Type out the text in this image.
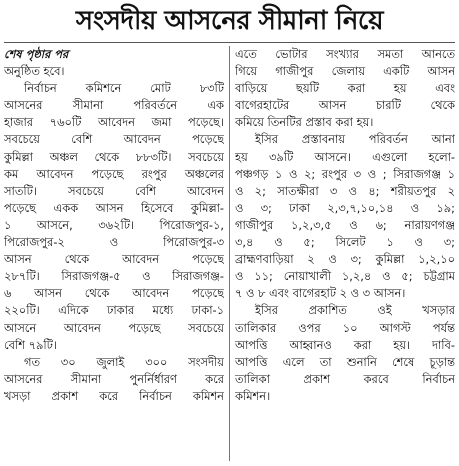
সংসদীয় আসনের সীমানা নিয়ে
শেষ পৃষ্ঠার পর
অনুষ্ঠিত হবে।
নির্বাচন কমিশনে মোট ৮৩টি
আসনের সীমানা পরিবর্তনে এক
হাজার ৭৬০টি আবেদন জমা পড়েছে।
সবচেয়ে বেশি আবেদন পড়েছে
কুমিল্লা অঞ্চল থেকে ৮৮৩টি। সবচেয়ে
কম আবেদন পড়েছে রংপুর অঞ্চলের
সাতটি। সবচেয়ে বেশি আবেদন
পড়েছে একক আসন হিসেবে কুমিল্লা-
১ আসনে, ৩৬২টি। পিরোজপুর-১,
পিরোজপুর-২ ও পিরোজপুর-৩
আসন থেকে আবেদন পড়েছে
২৮৭টি। সিরাজগঞ্জ-৫ ও সিরাজগঞ্জ-
৬ আসন থেকে আবেদন পড়েছে
২২০টি। এদিকে ঢাকার মধ্যে ঢাকা-১
আসনে আবেদন পড়েছে সবচেয়ে
বেশি ৭৯টি।
গত ৩০ জুলাই ৩০০ সংসদীয়
আসনের সীমানা পুনর্নির্ধারণ করে
খসড়া প্রকাশ করে নির্বাচন কমিশন
এতে ভোটার সংখ্যার সমতা আনতে
গিয়ে গাজীপুর জেলায় একটি আসন
বাড়িয়ে ছয়টি করা হয় এবং
বাগেরহাটের আসন চারটি থেকে
কমিয়ে তিনটির প্রস্তাব করা হয়।
ইসির প্রস্তাবনায় পরিবর্তন আনা
হয় ৩৯টি আসনে। এগুলো হলো-
পঞ্চগড় ১ ও ২; রংপুর ৩ ও ; সিরাজগঞ্জ ১
ও ২; সাতক্ষীরা ৩ ও ৪; শরীয়তপুর ২
ও ৩; ঢাকা ২,৩,৭,১০,১৪ ও ১৯;
গাজীপুর ১,২,৩,৫ ও ৬; নারায়ণগঞ্জ
৩,৪ ও ৫; সিলেট ১ ও ৩;
ব্রাহ্মণবাড়িয়া ২ ও ৩; কুমিল্লা ১,২,১০
ও ১১; নোয়াখালী ১,২,৪ ও ৫; চট্টগ্রাম
৭ ও ৮ এবং বাগেরহাট ২ ও ৩ আসন।
ইসির প্রকাশিত ওই খসড়ার
তালিকার ওপর ১০ আগস্ট পর্যন্ত
আপত্তি আহ্বানও করা হয়। দাবি-
আপত্তি এলে তা শুনানি শেষে চূড়ান্ত
তালিকা প্রকাশ করবে নির্বাচন
কমিশন।
